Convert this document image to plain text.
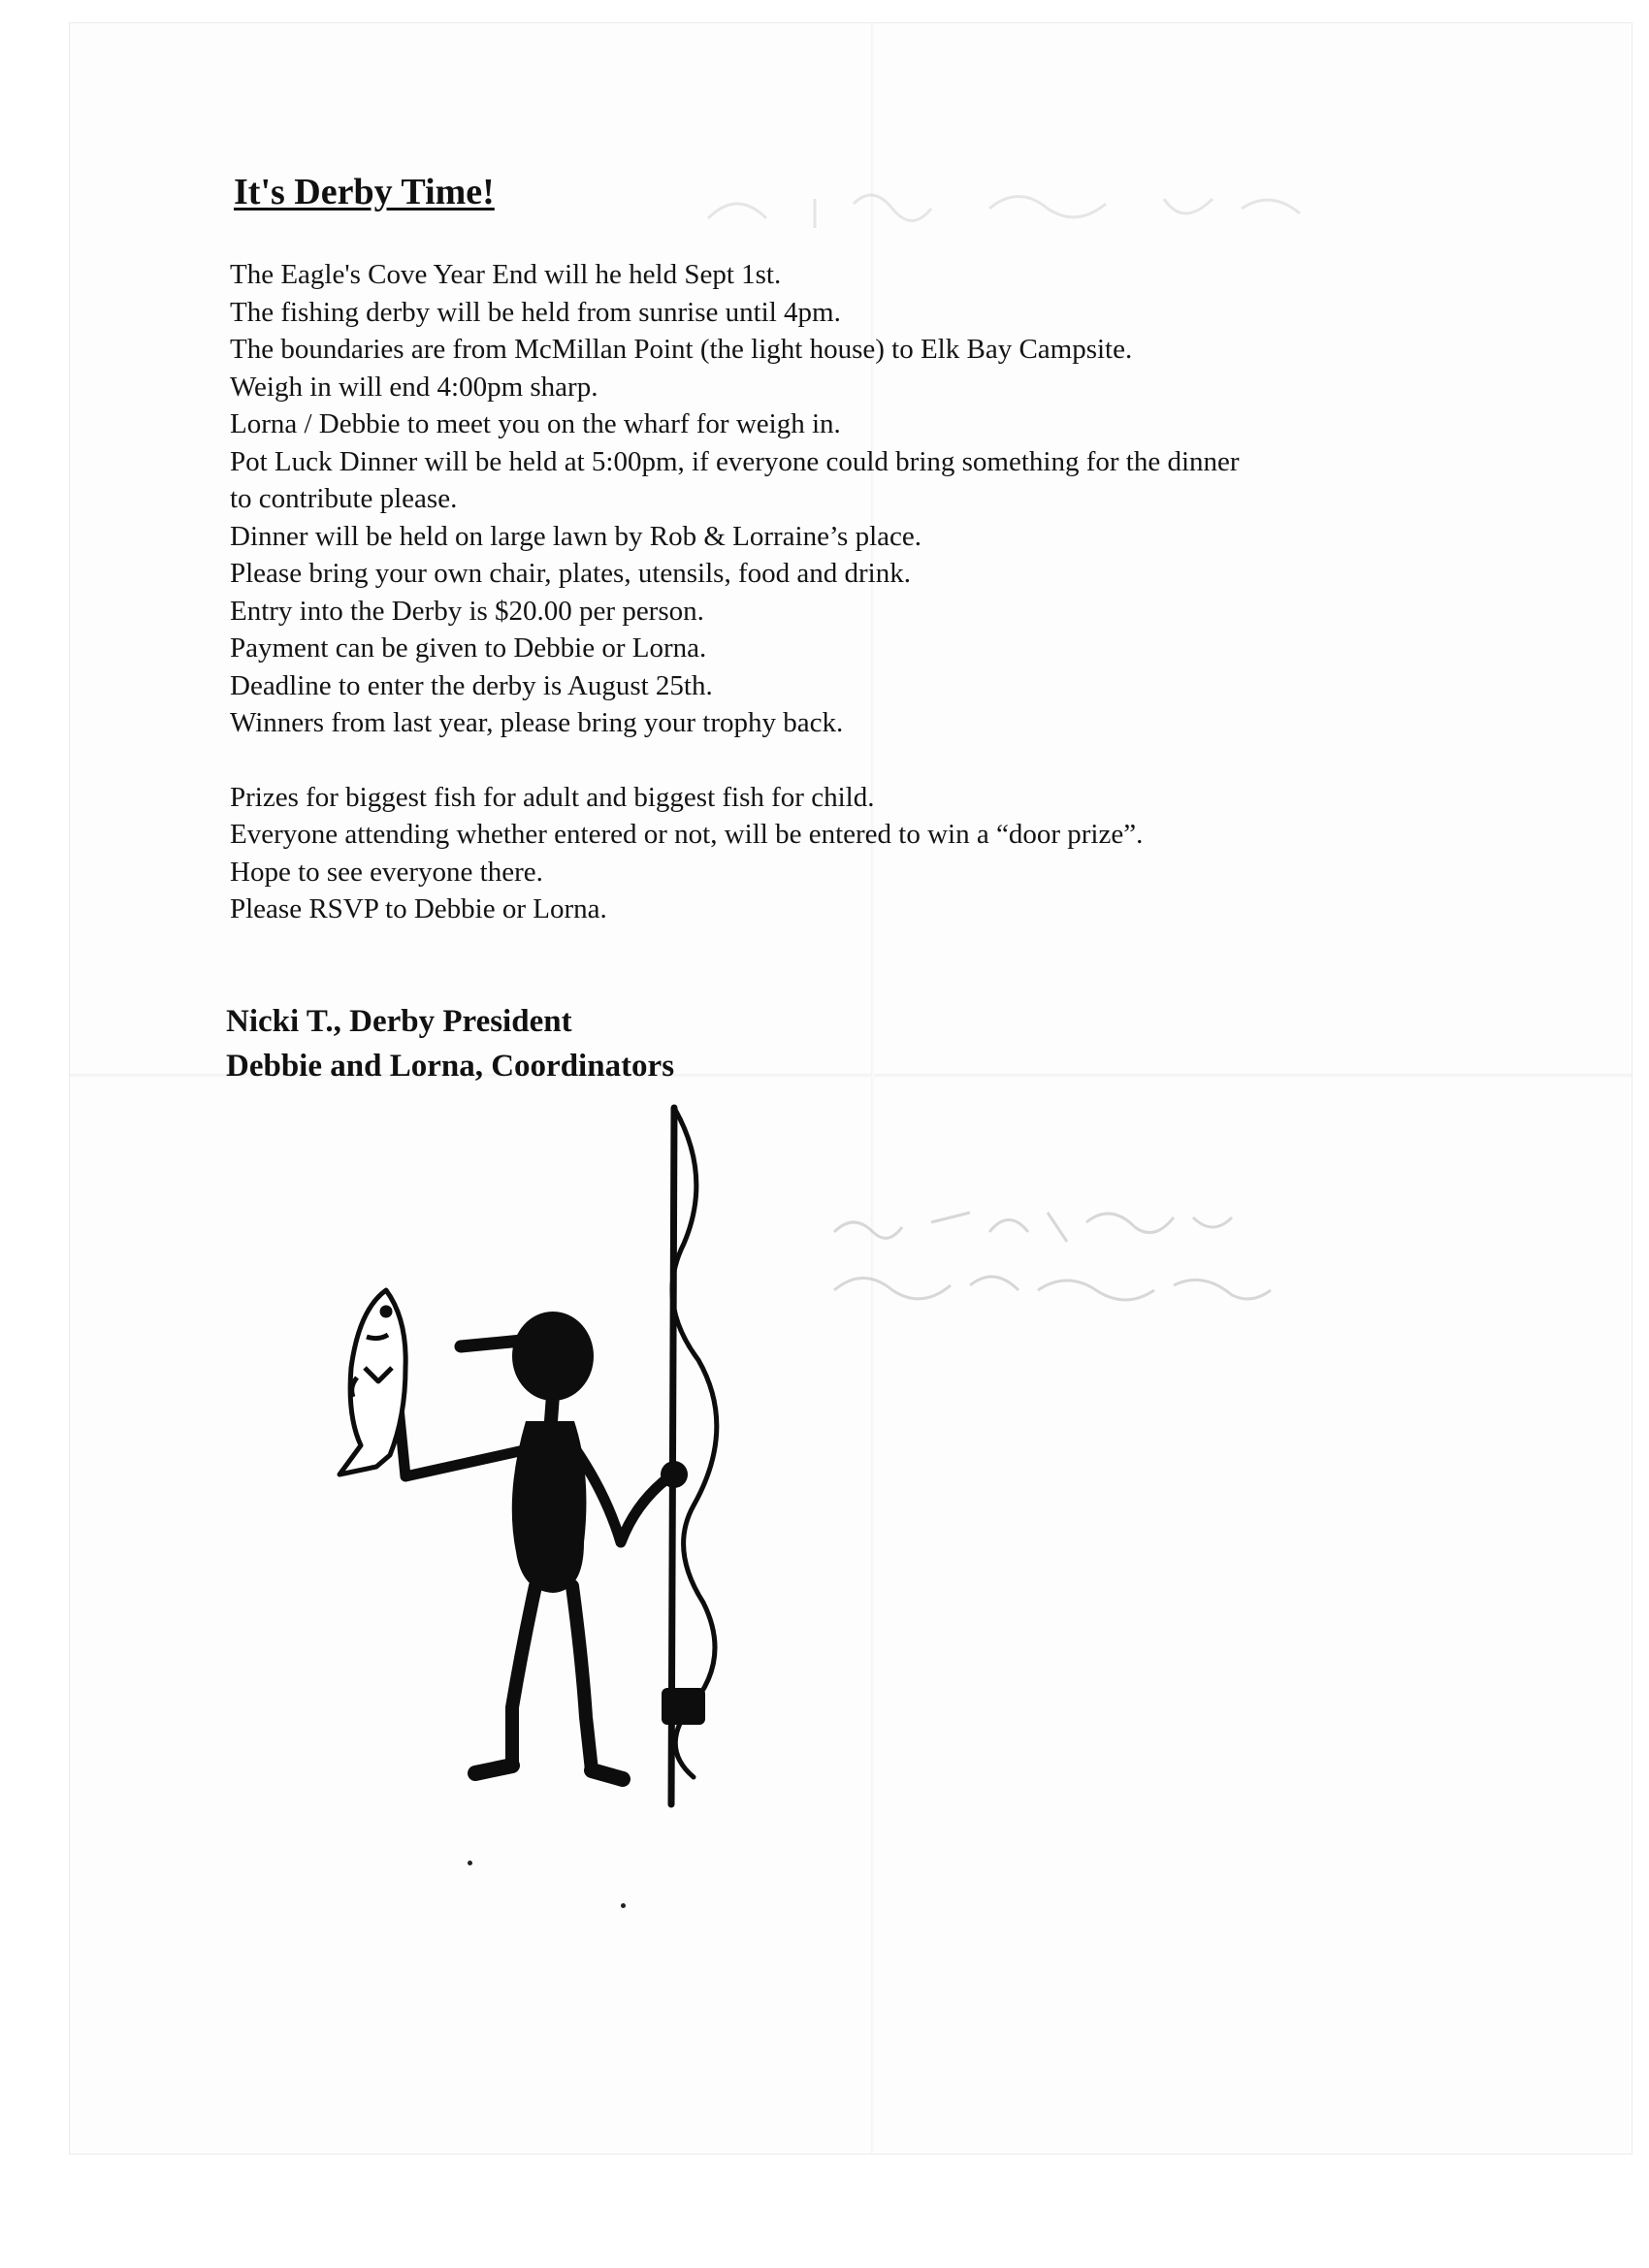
It's Derby Time!
The Eagle's Cove Year End will he held Sept 1st.
The fishing derby will be held from sunrise until 4pm.
The boundaries are from McMillan Point (the light house) to Elk Bay Campsite.
Weigh in will end 4:00pm sharp.
Lorna / Debbie to meet you on the wharf for weigh in.
Pot Luck Dinner will be held at 5:00pm, if everyone could bring something for the dinner
to contribute please.
Dinner will be held on large lawn by Rob & Lorraine’s place.
Please bring your own chair, plates, utensils, food and drink.
Entry into the Derby is $20.00 per person.
Payment can be given to Debbie or Lorna.
Deadline to enter the derby is August 25th.
Winners from last year, please bring your trophy back.
Prizes for biggest fish for adult and biggest fish for child.
Everyone attending whether entered or not, will be entered to win a “door prize”.
Hope to see everyone there.
Please RSVP to Debbie or Lorna.
Nicki T., Derby President
Debbie and Lorna, Coordinators
